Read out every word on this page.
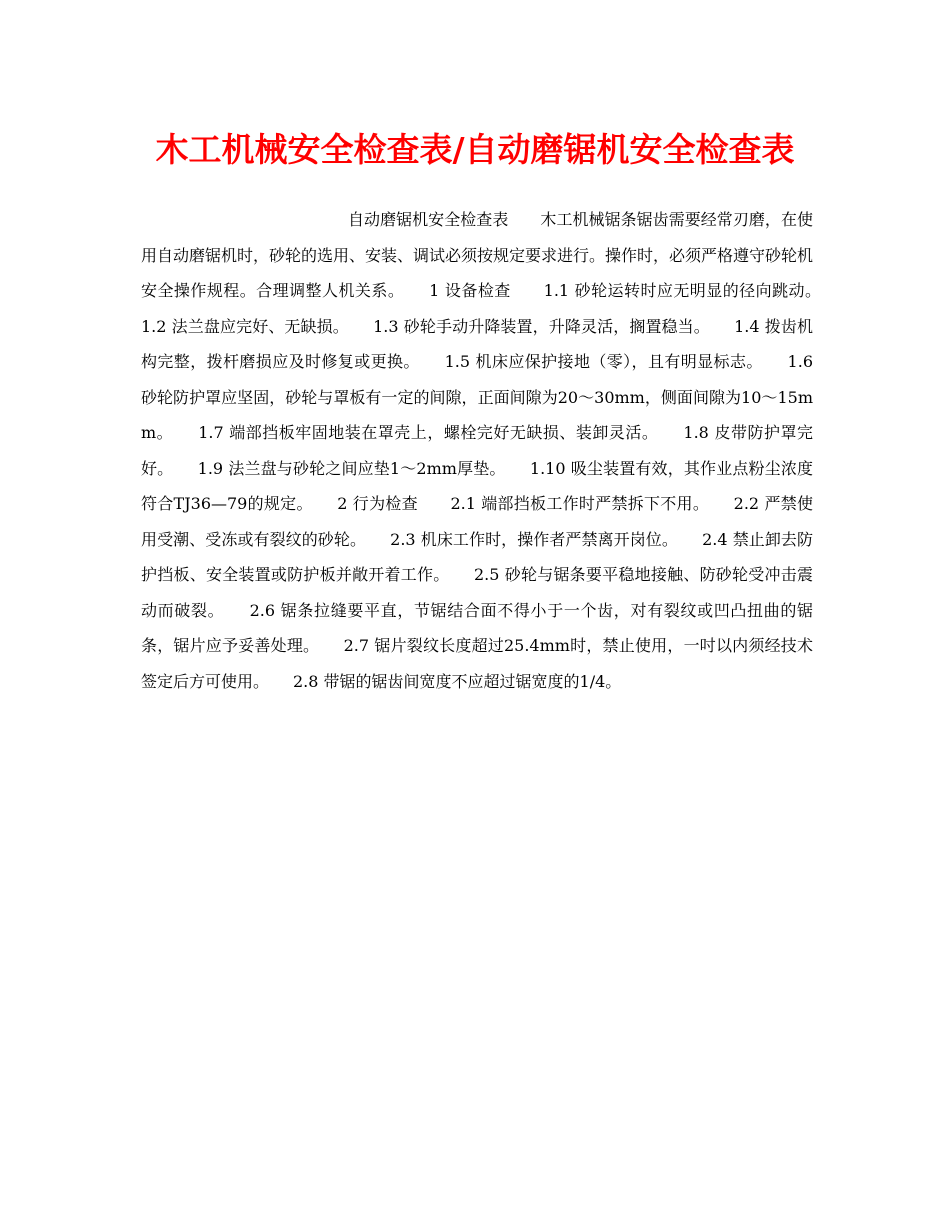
木工机械安全检查表/自动磨锯机安全检查表

自动磨锯机安全检查表　　木工机械锯条锯齿需要经常刃磨，在使用自动磨锯机时，砂轮的选用、安装、调试必须按规定要求进行。操作时，必须严格遵守砂轮机安全操作规程。合理调整人机关系。　　1 设备检查　　1.1 砂轮运转时应无明显的径向跳动。　　1.2 法兰盘应完好、无缺损。　　1.3 砂轮手动升降装置，升降灵活，搁置稳当。　　1.4 拨齿机构完整，拨杆磨损应及时修复或更换。　　1.5 机床应保护接地（零），且有明显标志。　　1.6 砂轮防护罩应坚固，砂轮与罩板有一定的间隙，正面间隙为20～30mm，侧面间隙为10～15mm。　　1.7 端部挡板牢固地装在罩壳上，螺栓完好无缺损、装卸灵活。　　1.8 皮带防护罩完好。　　1.9 法兰盘与砂轮之间应垫1～2mm厚垫。　　1.10 吸尘装置有效，其作业点粉尘浓度符合TJ36—79的规定。　　2 行为检查　　2.1 端部挡板工作时严禁拆下不用。　　2.2 严禁使用受潮、受冻或有裂纹的砂轮。　　2.3 机床工作时，操作者严禁离开岗位。　　2.4 禁止卸去防护挡板、安全装置或防护板并敞开着工作。　　2.5 砂轮与锯条要平稳地接触、防砂轮受冲击震动而破裂。　　2.6 锯条拉缝要平直，节锯结合面不得小于一个齿，对有裂纹或凹凸扭曲的锯条，锯片应予妥善处理。　　2.7 锯片裂纹长度超过25.4mm时，禁止使用，一吋以内须经技术签定后方可使用。　　2.8 带锯的锯齿间宽度不应超过锯宽度的1/4。
